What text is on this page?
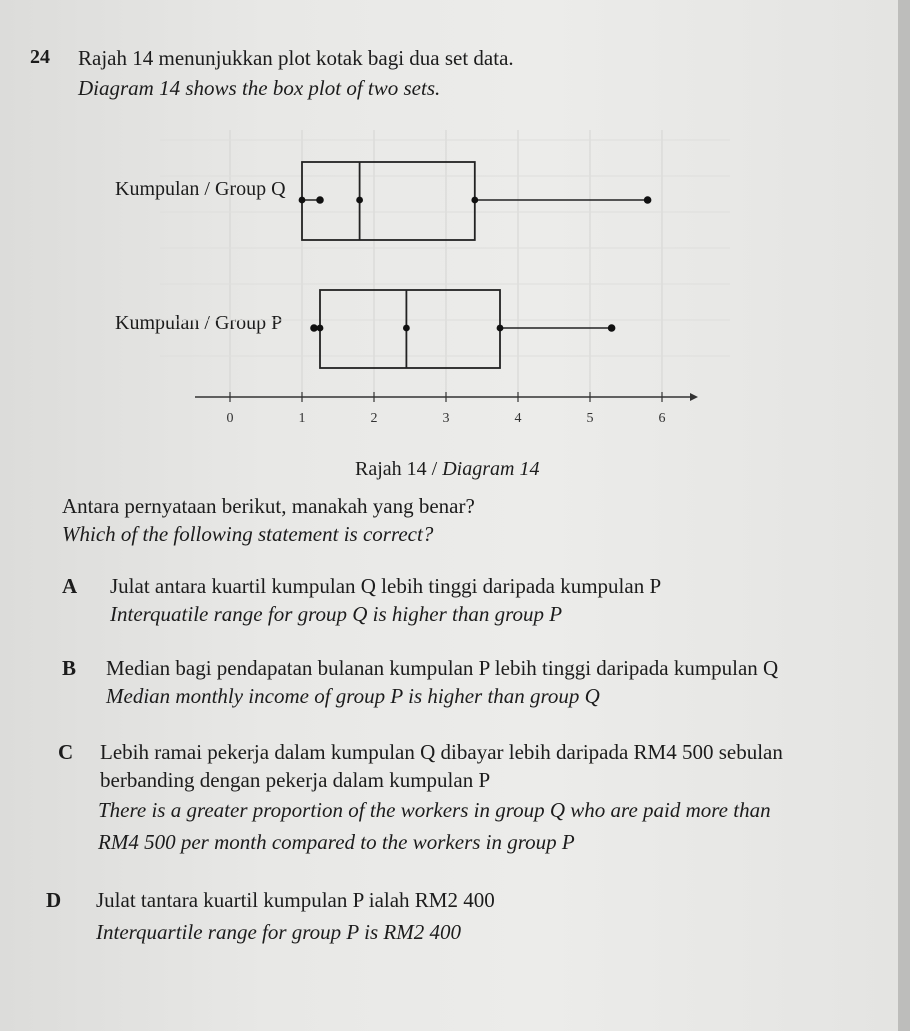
24 Rajah 14 menunjukkan plot kotak bagi dua set data.
Diagram 14 shows the box plot of two sets.
Kumpulan / Group Q
Kumpulan / Group P
0	1	2	3	4	5	6
Rajah 14 / Diagram 14
Antara pernyataan berikut, manakah yang benar?
Which of the following statement is correct?
A Julat antara kuartil kumpulan Q lebih tinggi daripada kumpulan P
Interquatile range for group Q is higher than group P
B Median bagi pendapatan bulanan kumpulan P lebih tinggi daripada kumpulan Q
Median monthly income of group P is higher than group Q
C Lebih ramai pekerja dalam kumpulan Q dibayar lebih daripada RM4 500 sebulan
berbanding dengan pekerja dalam kumpulan P
There is a greater proportion of the workers in group Q who are paid more than
RM4 500 per month compared to the workers in group P
D Julat tantara kuartil kumpulan P ialah RM2 400
Interquartile range for group P is RM2 400
